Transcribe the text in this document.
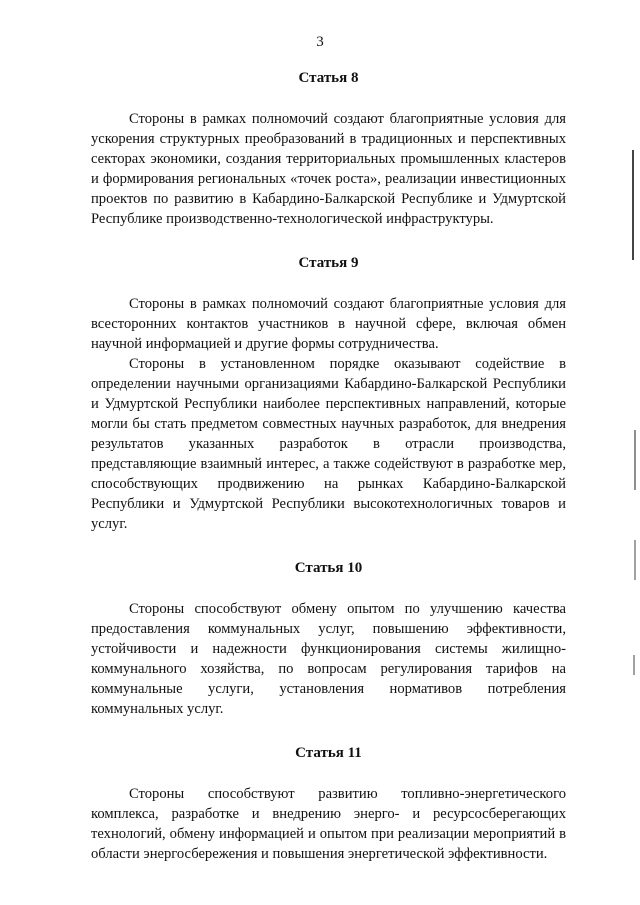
3
Статья 8

Стороны в рамках полномочий создают благоприятные условия для ускорения структурных преобразований в традиционных и перспективных секторах экономики, создания территориальных промышленных кластеров и формирования региональных «точек роста», реализации инвестиционных проектов по развитию в Кабардино-Балкарской Республике и Удмуртской Республике производственно-технологической инфраструктуры.

Статья 9

Стороны в рамках полномочий создают благоприятные условия для всесторонних контактов участников в научной сфере, включая обмен научной информацией и другие формы сотрудничества.

Стороны в установленном порядке оказывают содействие в определении научными организациями Кабардино-Балкарской Республики и Удмуртской Республики наиболее перспективных направлений, которые могли бы стать предметом совместных научных разработок, для внедрения результатов указанных разработок в отрасли производства, представляющие взаимный интерес, а также содействуют в разработке мер, способствующих продвижению на рынках Кабардино-Балкарской Республики и Удмуртской Республики высокотехнологичных товаров и услуг.

Статья 10

Стороны способствуют обмену опытом по улучшению качества предоставления коммунальных услуг, повышению эффективности, устойчивости и надежности функционирования системы жилищно-коммунального хозяйства, по вопросам регулирования тарифов на коммунальные услуги, установления нормативов потребления коммунальных услуг.

Статья 11

Стороны способствуют развитию топливно-энергетического комплекса, разработке и внедрению энерго- и ресурсосберегающих технологий, обмену информацией и опытом при реализации мероприятий в области энергосбережения и повышения энергетической эффективности.
